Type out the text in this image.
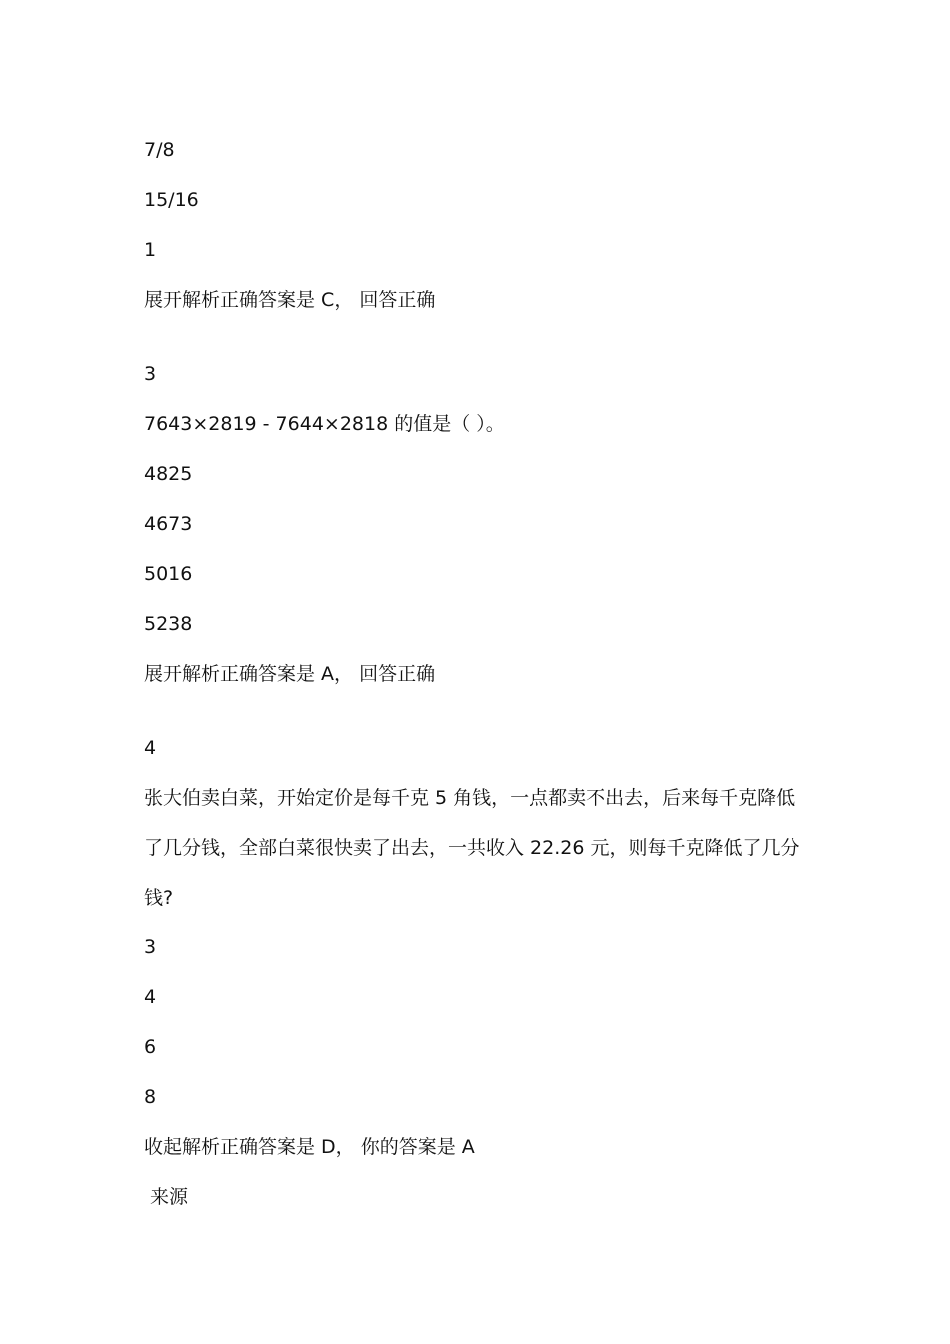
7/8
15/16
1
展开解析正确答案是 C， 回答正确
3
7643×2819 - 7644×2818 的值是（ ）。
4825
4673
5016
5238
展开解析正确答案是 A， 回答正确
4
张大伯卖白菜，开始定价是每千克 5 角钱，一点都卖不出去，后来每千克降低
了几分钱，全部白菜很快卖了出去，一共收入 22.26 元，则每千克降低了几分
钱?
3
4
6
8
收起解析正确答案是 D， 你的答案是 A
来源
